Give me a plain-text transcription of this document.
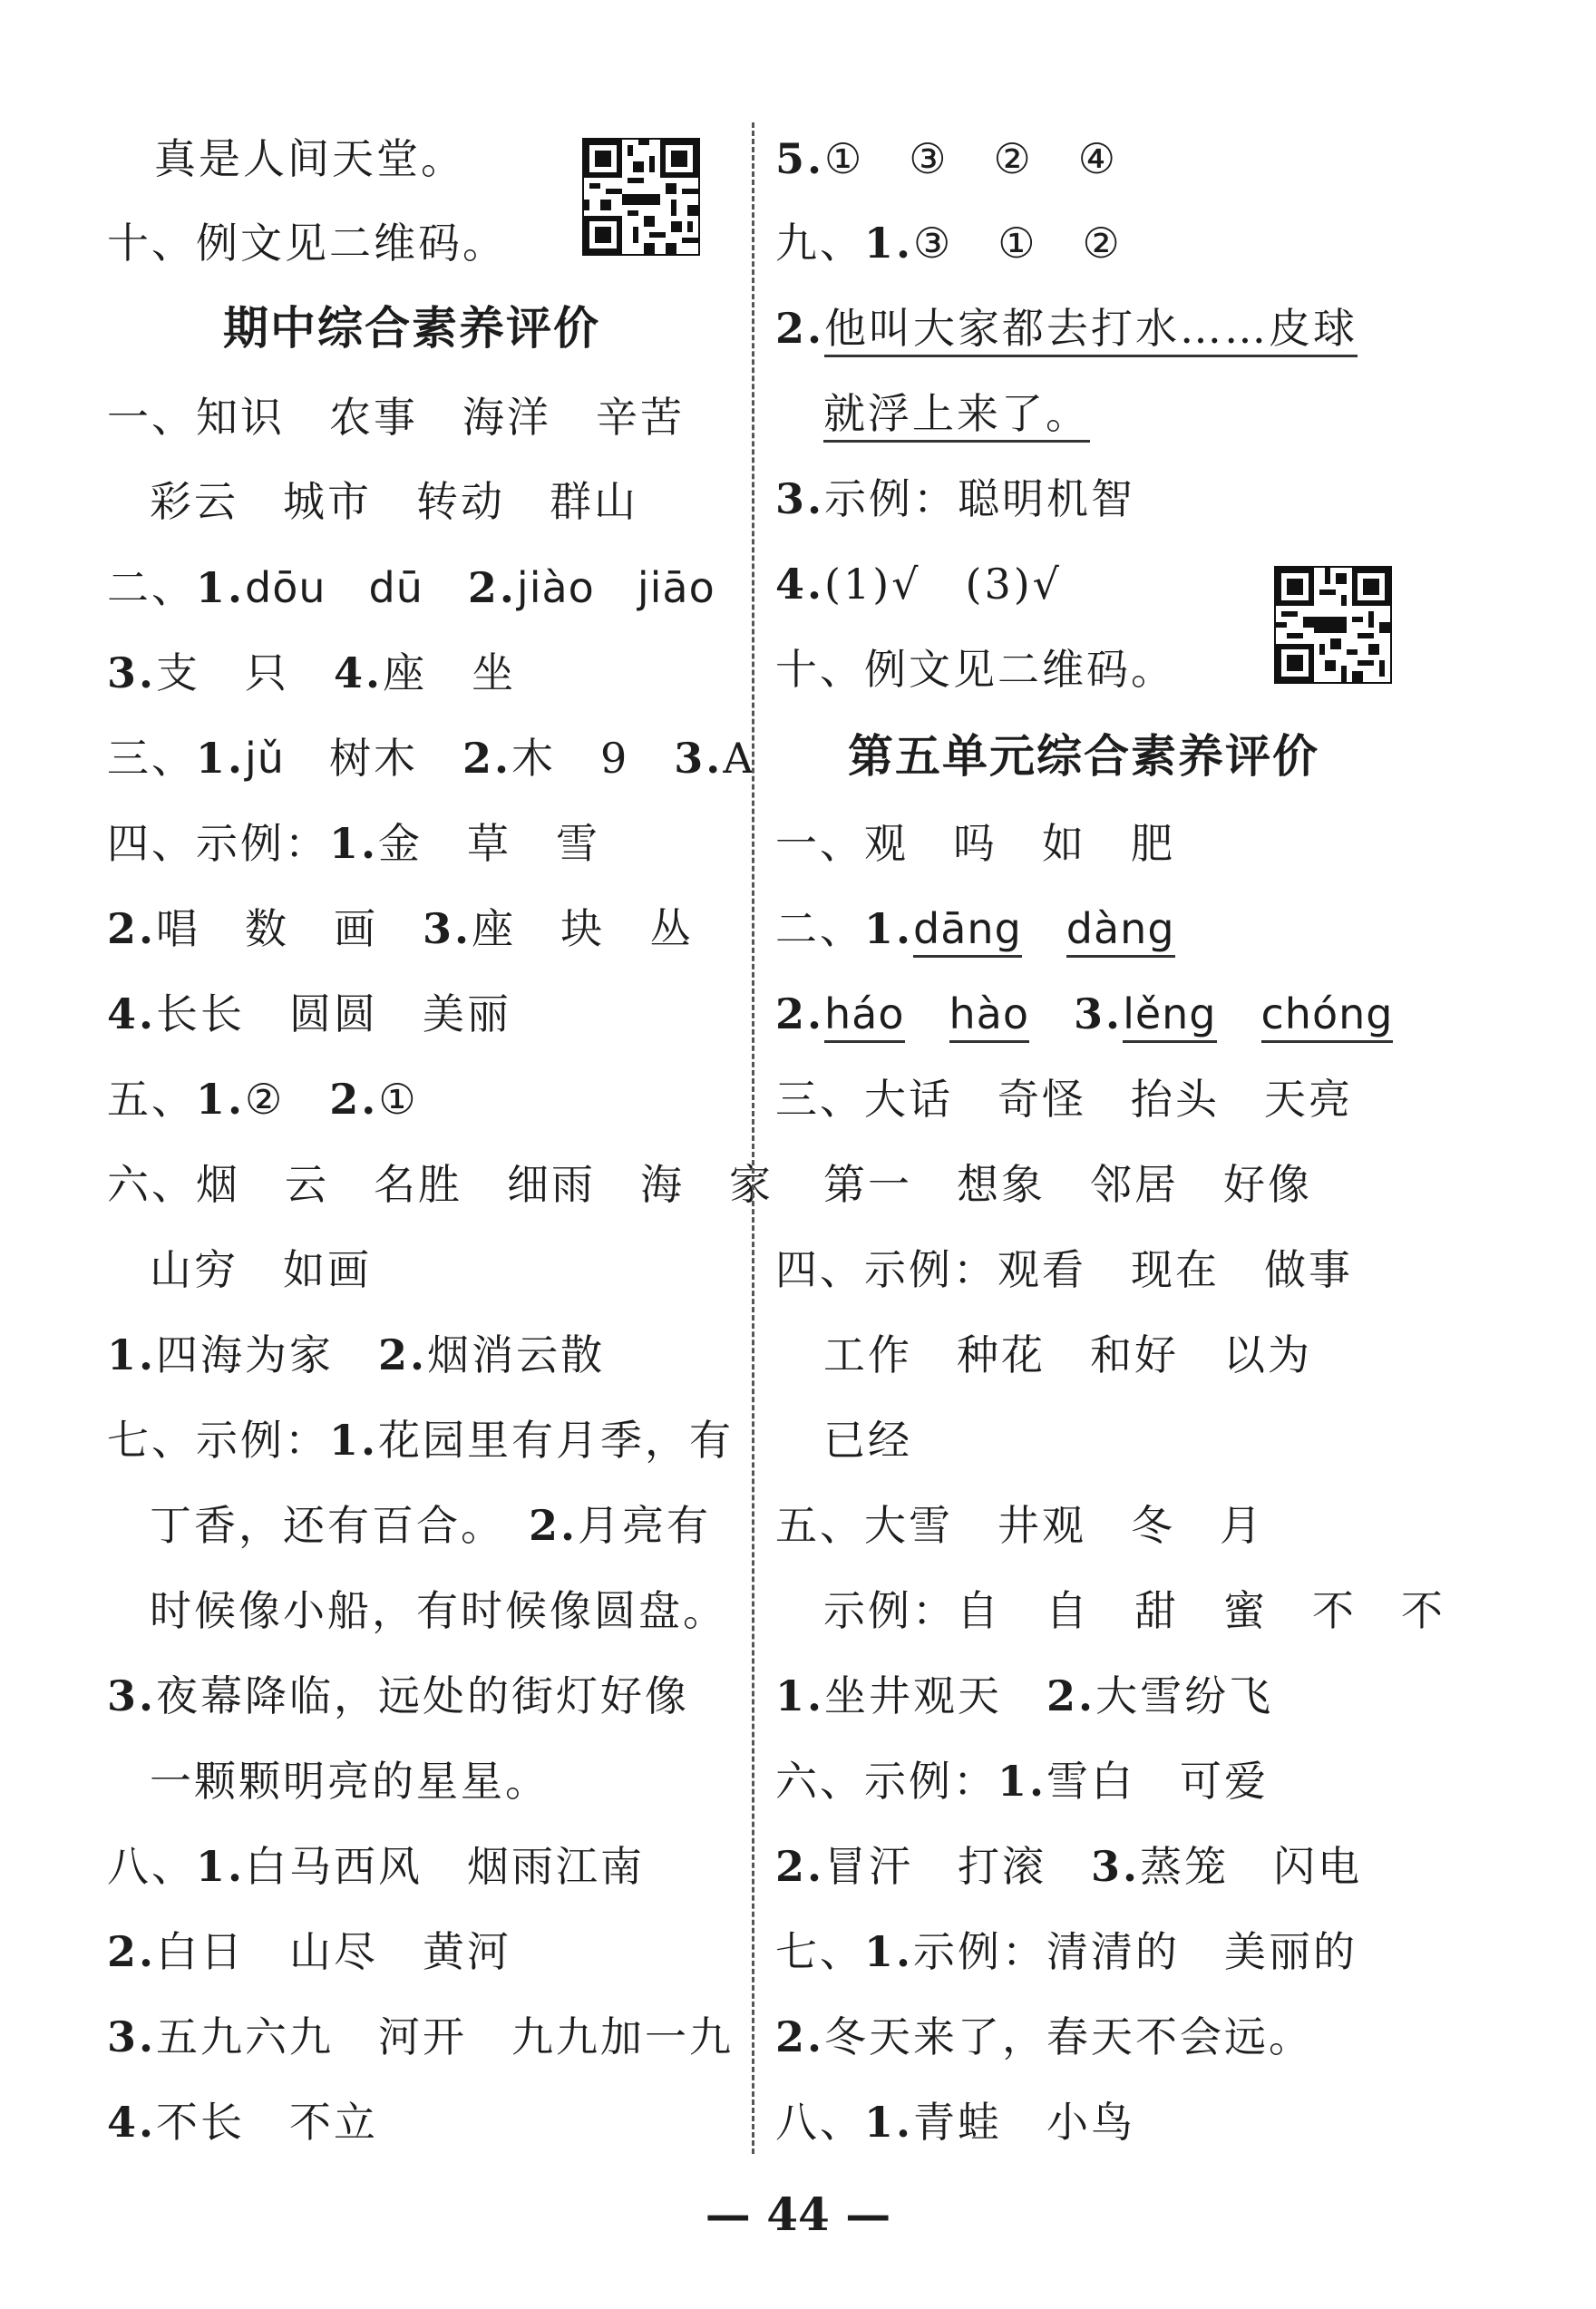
真是人间天堂。
十、例文见二维码。
期中综合素养评价
一、知识　农事　海洋　辛苦
彩云　城市　转动　群山
二、1.dōu　dū　 2.jiào　jiāo
3.支　只　 4.座　坐
三、1.jǔ　 树木　 2.木　9　 3.A
四、示例：1.金　草　雪
2.唱　数　画　 3.座　块　丛
4.长长　圆圆　美丽
五、1.②　 2.①
六、烟　云　名胜　细雨　海　家
山穷　如画
1.四海为家　 2.烟消云散
七、示例：1.花园里有月季，有
丁香，还有百合。　 2.月亮有
时候像小船，有时候像圆盘。
3.夜幕降临，远处的街灯好像
一颗颗明亮的星星。
八、1.白马西风　烟雨江南
2.白日　山尽　黄河
3.五九六九　河开　九九加一九
4.不长　不立
5.①　③　②　④
九、1.③　①　②
2.他叫大家都去打水……皮球
就浮上来了。
3.示例：聪明机智
4.(1)√　(3)√
十、例文见二维码。
第五单元综合素养评价
一、观　吗　如　肥
二、1.dāng　 dàng
2.háo　 hào　 3.lěng　 chóng
三、大话　奇怪　抬头　天亮
第一　想象　邻居　好像
四、示例：观看　现在　做事
工作　种花　和好　以为
已经
五、大雪　井观　冬　月
示例：自　自　甜　蜜　不　不
1.坐井观天　 2.大雪纷飞
六、示例：1.雪白　可爱
2.冒汗　打滚　 3.蒸笼　闪电
七、1.示例：清清的　美丽的
2.冬天来了，春天不会远。
八、1.青蛙　小鸟
— 44 —
